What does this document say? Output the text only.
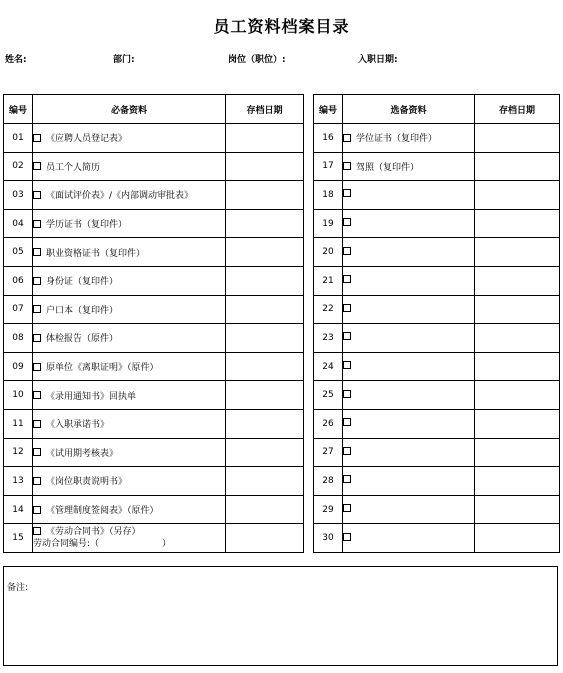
员工资料档案目录
姓名:	部门:	岗位（职位）:	入职日期:
编号	必备资料	存档日期
01	《应聘人员登记表》	
02	员工个人简历	
03	《面试评价表》/《内部调动审批表》	
04	学历证书（复印件）	
05	职业资格证书（复印件）	
06	身份证（复印件）	
07	户口本（复印件）	
08	体检报告（原件）	
09	原单位《离职证明》（原件）	
10	《录用通知书》回执单	
11	《入职承诺书》	
12	《试用期考核表》	
13	《岗位职责说明书》	
14	《管理制度签阅表》（原件）	
15	《劳动合同书》（另存）
劳动合同编号:（　　　　　　　）	
编号	选备资料	存档日期
16	学位证书（复印件）	
17	驾照（复印件）	
18		
19		
20		
21		
22		
23		
24		
25		
26		
27		
28		
29		
30		
备注:
